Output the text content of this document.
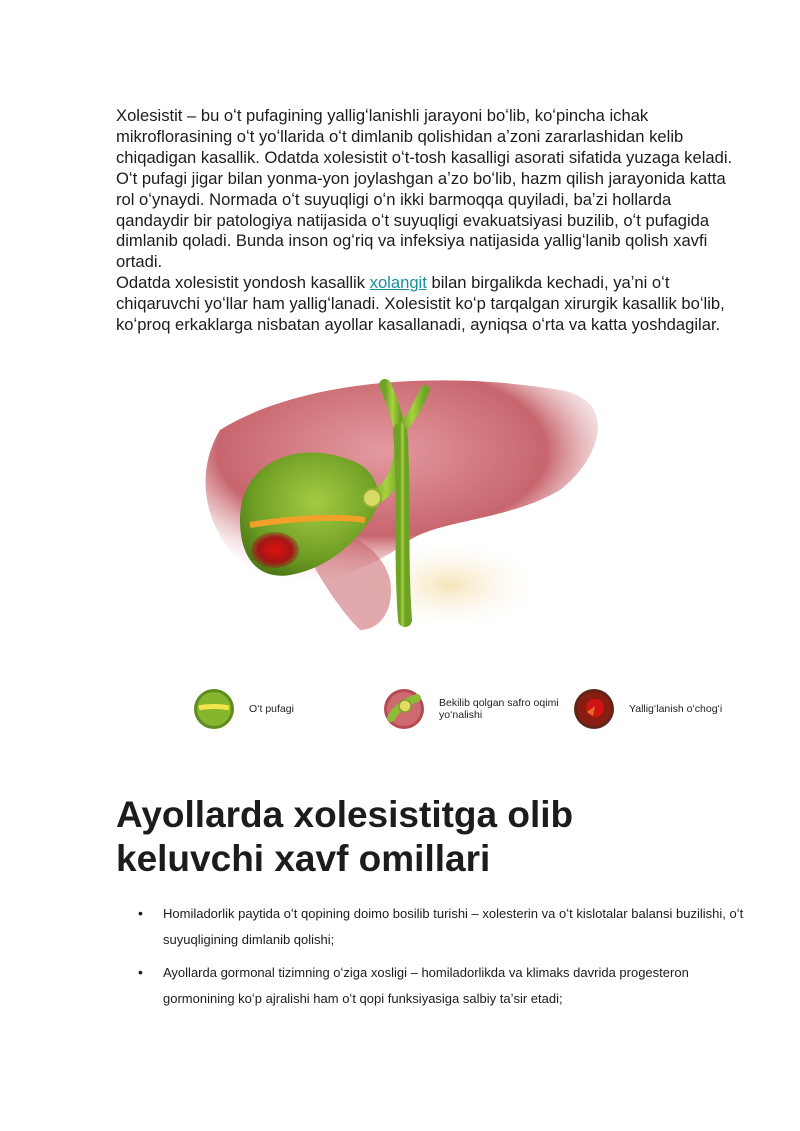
Xolesistit – bu oʻt pufagining yalligʻlanishli jarayoni boʻlib, koʻpincha ichak mikroflorasining oʻt yoʻllarida oʻt dimlanib qolishidan aʼzoni zararlashidan kelib chiqadigan kasallik. Odatda xolesistit oʻt-tosh kasalligi asorati sifatida yuzaga keladi. Oʻt pufagi jigar bilan yonma-yon joylashgan aʼzo boʻlib, hazm qilish jarayonida katta rol oʻynaydi. Normada oʻt suyuqligi oʻn ikki barmoqqa quyiladi, baʼzi hollarda qandaydir bir patologiya natijasida oʻt suyuqligi evakuatsiyasi buzilib, oʻt pufagida dimlanib qoladi. Bunda inson ogʻriq va infeksiya natijasida yalligʻlanib qolish xavfi ortadi.

Odatda xolesistit yondosh kasallik xolangit bilan birgalikda kechadi, yaʼni oʻt chiqaruvchi yoʻllar ham yalligʻlanadi. Xolesistit koʻp tarqalgan xirurgik kasallik boʻlib, koʻproq erkaklarga nisbatan ayollar kasallanadi, ayniqsa oʻrta va katta yoshdagilar.

Oʻt pufagi	Bekilib qolgan safro oqimi yoʻnalishi	Yalligʻlanish oʻchogʻi
Ayollarda xolesistitga olib keluvchi xavf omillari
• Homiladorlik paytida oʻt qopining doimo bosilib turishi – xolesterin va oʻt kislotalar balansi buzilishi, oʻt suyuqligining dimlanib qolishi;
• Ayollarda gormonal tizimning oʻziga xosligi – homiladorlikda va klimaks davrida progesteron gormonining koʻp ajralishi ham oʻt qopi funksiyasiga salbiy taʼsir etadi;
